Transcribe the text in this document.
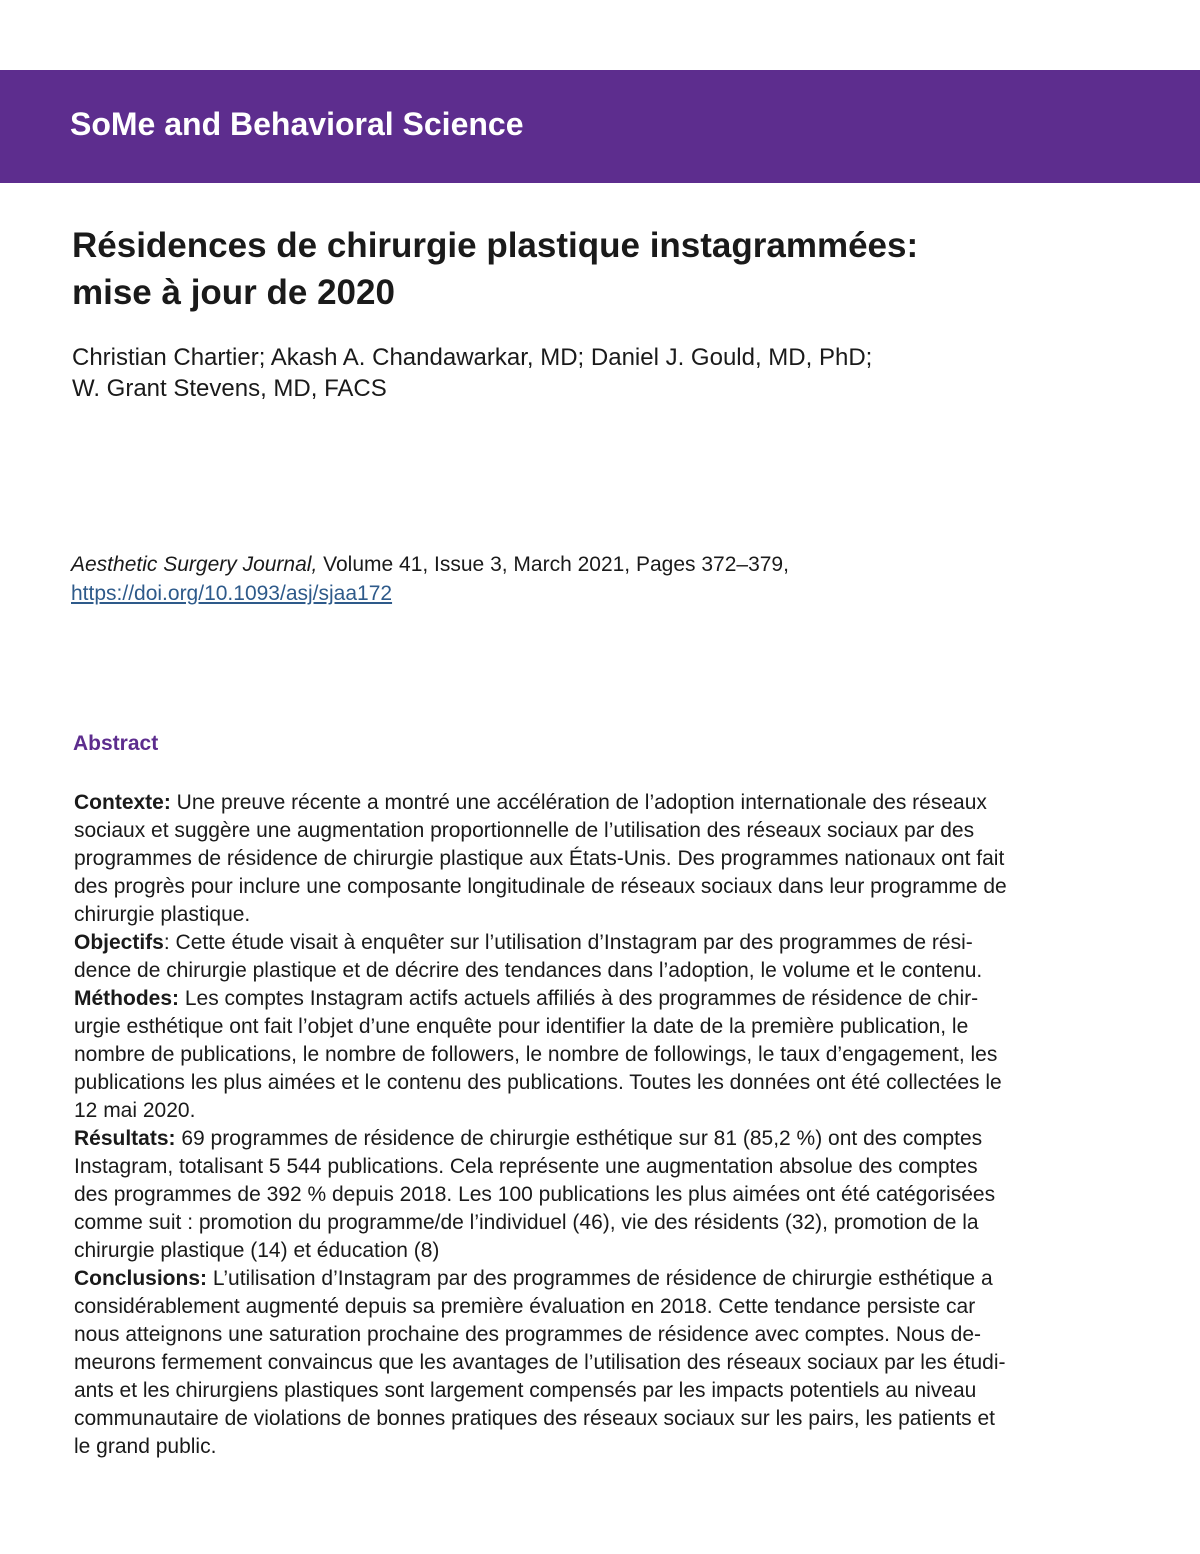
SoMe and Behavioral Science
Résidences de chirurgie plastique instagrammées:
mise à jour de 2020
Christian Chartier; Akash A. Chandawarkar, MD; Daniel J. Gould, MD, PhD;
W. Grant Stevens, MD, FACS
Aesthetic Surgery Journal, Volume 41, Issue 3, March 2021, Pages 372–379,
https://doi.org/10.1093/asj/sjaa172
Abstract
Contexte: Une preuve récente a montré une accélération de l’adoption internationale des réseaux
sociaux et suggère une augmentation proportionnelle de l’utilisation des réseaux sociaux par des
programmes de résidence de chirurgie plastique aux États-Unis. Des programmes nationaux ont fait
des progrès pour inclure une composante longitudinale de réseaux sociaux dans leur programme de
chirurgie plastique.
Objectifs: Cette étude visait à enquêter sur l’utilisation d’Instagram par des programmes de rési-
dence de chirurgie plastique et de décrire des tendances dans l’adoption, le volume et le contenu.
Méthodes: Les comptes Instagram actifs actuels affiliés à des programmes de résidence de chir-
urgie esthétique ont fait l’objet d’une enquête pour identifier la date de la première publication, le
nombre de publications, le nombre de followers, le nombre de followings, le taux d’engagement, les
publications les plus aimées et le contenu des publications. Toutes les données ont été collectées le
12 mai 2020.
Résultats: 69 programmes de résidence de chirurgie esthétique sur 81 (85,2 %) ont des comptes
Instagram, totalisant 5 544 publications. Cela représente une augmentation absolue des comptes
des programmes de 392 % depuis 2018. Les 100 publications les plus aimées ont été catégorisées
comme suit : promotion du programme/de l’individuel (46), vie des résidents (32), promotion de la
chirurgie plastique (14) et éducation (8)
Conclusions: L’utilisation d’Instagram par des programmes de résidence de chirurgie esthétique a
considérablement augmenté depuis sa première évaluation en 2018. Cette tendance persiste car
nous atteignons une saturation prochaine des programmes de résidence avec comptes. Nous de-
meurons fermement convaincus que les avantages de l’utilisation des réseaux sociaux par les étudi-
ants et les chirurgiens plastiques sont largement compensés par les impacts potentiels au niveau
communautaire de violations de bonnes pratiques des réseaux sociaux sur les pairs, les patients et
le grand public.
